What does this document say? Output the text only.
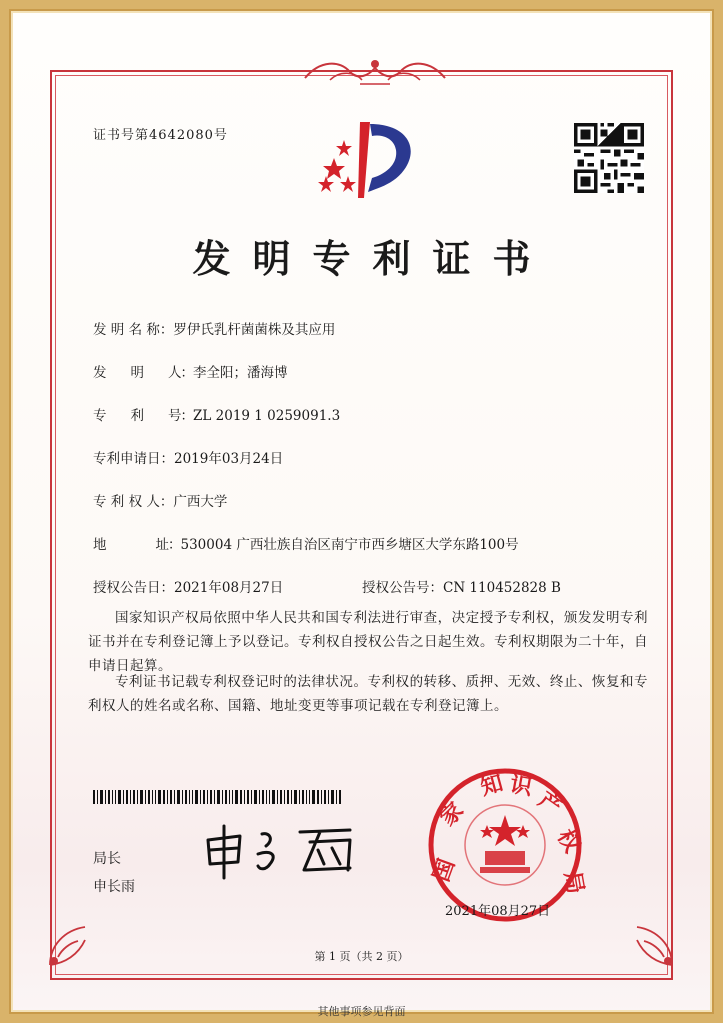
证书号第4642080号
发明专利证书
发 明 名 称：罗伊氏乳杆菌菌株及其应用
发　　明　　人：李全阳；潘海博
专　　利　　号：ZL 2019 1 0259091.3
专利申请日：2019年03月24日
专 利 权 人：广西大学
地　　　　址：530004 广西壮族自治区南宁市西乡塘区大学东路100号
授权公告日：2021年08月27日	授权公告号：CN 110452828 B
国家知识产权局依照中华人民共和国专利法进行审查，决定授予专利权，颁发发明专利证书并在专利登记簿上予以登记。专利权自授权公告之日起生效。专利权期限为二十年，自申请日起算。
专利证书记载专利权登记时的法律状况。专利权的转移、质押、无效、终止、恢复和专利权人的姓名或名称、国籍、地址变更等事项记载在专利登记簿上。
局长
申长雨
国
家
知 识
产
权
局
2021年08月27日
第 1 页（共 2 页）
其他事项参见背面
